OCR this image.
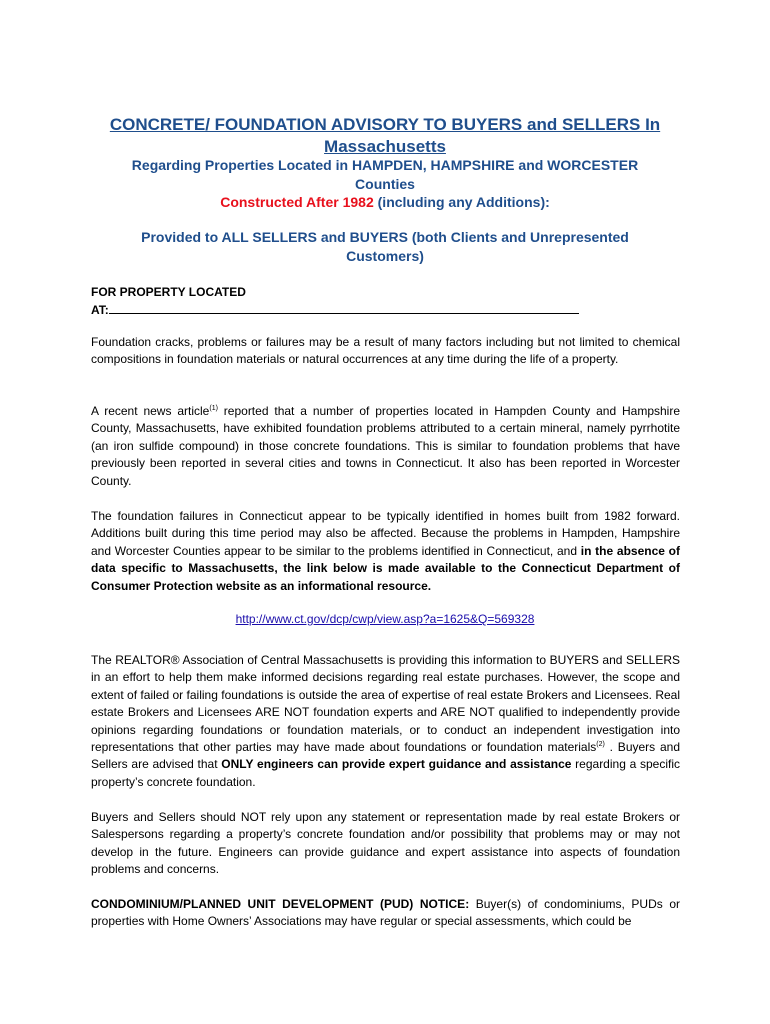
CONCRETE/ FOUNDATION ADVISORY TO BUYERS and SELLERS In
Massachusetts
Regarding Properties Located in HAMPDEN, HAMPSHIRE and WORCESTER
Counties
Constructed After 1982 (including any Additions):
Provided to ALL SELLERS and BUYERS (both Clients and Unrepresented
Customers)
FOR PROPERTY LOCATED
AT:

Foundation cracks, problems or failures may be a result of many factors including but not limited to chemical compositions in foundation materials or natural occurrences at any time during the life of a property.

A recent news article$^{(1)}$ reported that a number of properties located in Hampden County and Hampshire County, Massachusetts, have exhibited foundation problems attributed to a certain mineral, namely pyrrhotite (an iron sulfide compound) in those concrete foundations. This is similar to foundation problems that have previously been reported in several cities and towns in Connecticut. It also has been reported in Worcester County.

The foundation failures in Connecticut appear to be typically identified in homes built from 1982 forward. Additions built during this time period may also be affected. Because the problems in Hampden, Hampshire and Worcester Counties appear to be similar to the problems identified in Connecticut, and in the absence of data specific to Massachusetts, the link below is made available to the Connecticut Department of Consumer Protection website as an informational resource.

http://www.ct.gov/dcp/cwp/view.asp?a=1625&Q=569328

The REALTOR® Association of Central Massachusetts is providing this information to BUYERS and SELLERS in an effort to help them make informed decisions regarding real estate purchases. However, the scope and extent of failed or failing foundations is outside the area of expertise of real estate Brokers and Licensees. Real estate Brokers and Licensees ARE NOT foundation experts and ARE NOT qualified to independently provide opinions regarding foundations or foundation materials, or to conduct an independent investigation into representations that other parties may have made about foundations or foundation materials$^{(2)}$ . Buyers and Sellers are advised that ONLY engineers can provide expert guidance and assistance regarding a specific property’s concrete foundation.

Buyers and Sellers should NOT rely upon any statement or representation made by real estate Brokers or Salespersons regarding a property’s concrete foundation and/or possibility that problems may or may not develop in the future. Engineers can provide guidance and expert assistance into aspects of foundation problems and concerns.

CONDOMINIUM/PLANNED UNIT DEVELOPMENT (PUD) NOTICE: Buyer(s) of condominiums, PUDs or properties with Home Owners’ Associations may have regular or special assessments, which could be
